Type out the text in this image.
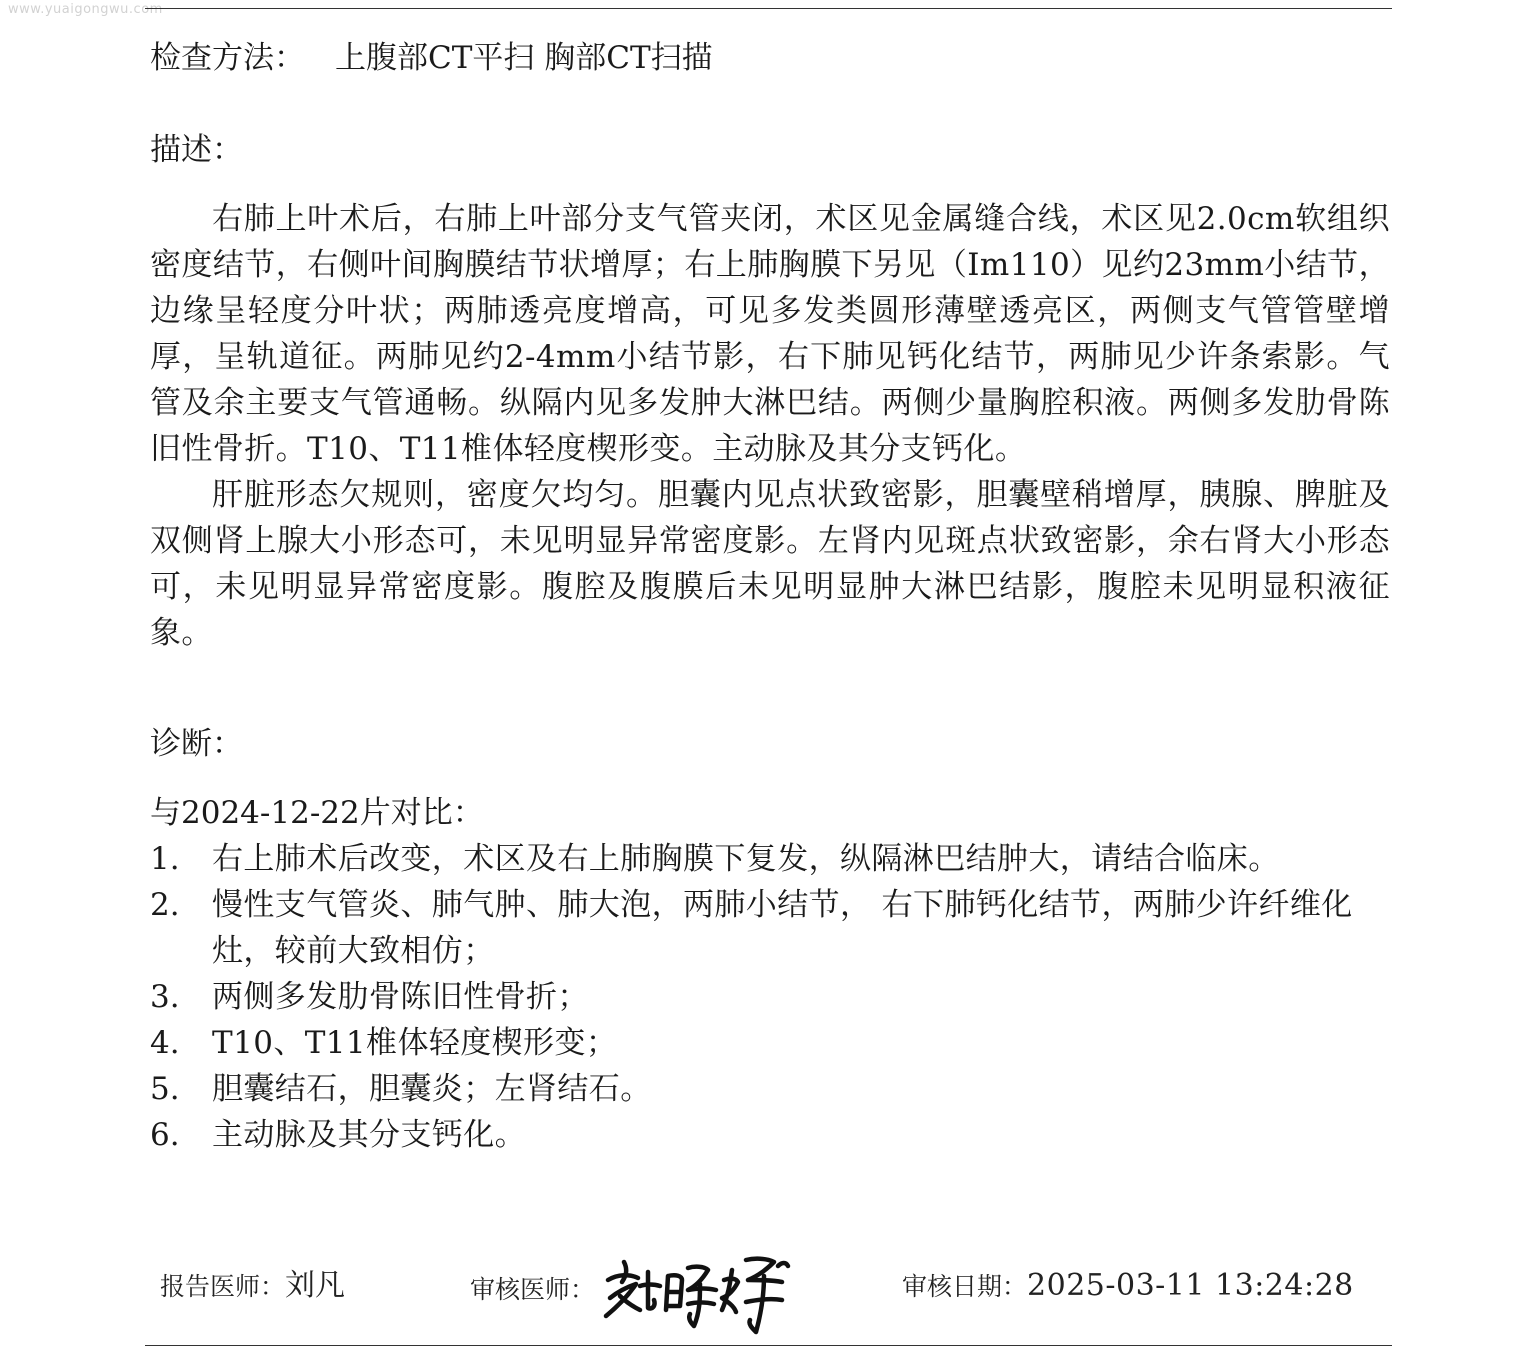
www.yuaigongwu.com
检查方法： 上腹部CT平扫 胸部CT扫描
描述：

右肺上叶术后，右肺上叶部分支气管夹闭，术区见金属缝合线，术区见2.0cm软组织密度结节，右侧叶间胸膜结节状增厚；右上肺胸膜下另见（Im110）见约23mm小结节，边缘呈轻度分叶状；两肺透亮度增高，可见多发类圆形薄壁透亮区，两侧支气管管壁增厚，呈轨道征。两肺见约2-4mm小结节影，右下肺见钙化结节，两肺见少许条索影。气管及余主要支气管通畅。纵隔内见多发肿大淋巴结。两侧少量胸腔积液。两侧多发肋骨陈旧性骨折。T10、T11椎体轻度楔形变。主动脉及其分支钙化。

肝脏形态欠规则，密度欠均匀。胆囊内见点状致密影，胆囊壁稍增厚，胰腺、脾脏及双侧肾上腺大小形态可，未见明显异常密度影。左肾内见斑点状致密影，余右肾大小形态可，未见明显异常密度影。腹腔及腹膜后未见明显肿大淋巴结影，腹腔未见明显积液征象。

诊断：

与2024-12-22片对比：

1.	右上肺术后改变，术区及右上肺胸膜下复发，纵隔淋巴结肿大，请结合临床。
2.	慢性支气管炎、肺气肿、肺大泡，两肺小结节， 右下肺钙化结节，两肺少许纤维化灶，较前大致相仿；
3.	两侧多发肋骨陈旧性骨折；
4.	T10、T11椎体轻度楔形变；
5.	胆囊结石，胆囊炎；左肾结石。
6.	主动脉及其分支钙化。
报告医师：刘凡	审核医师：	审核日期：2025-03-11 13:24:28
